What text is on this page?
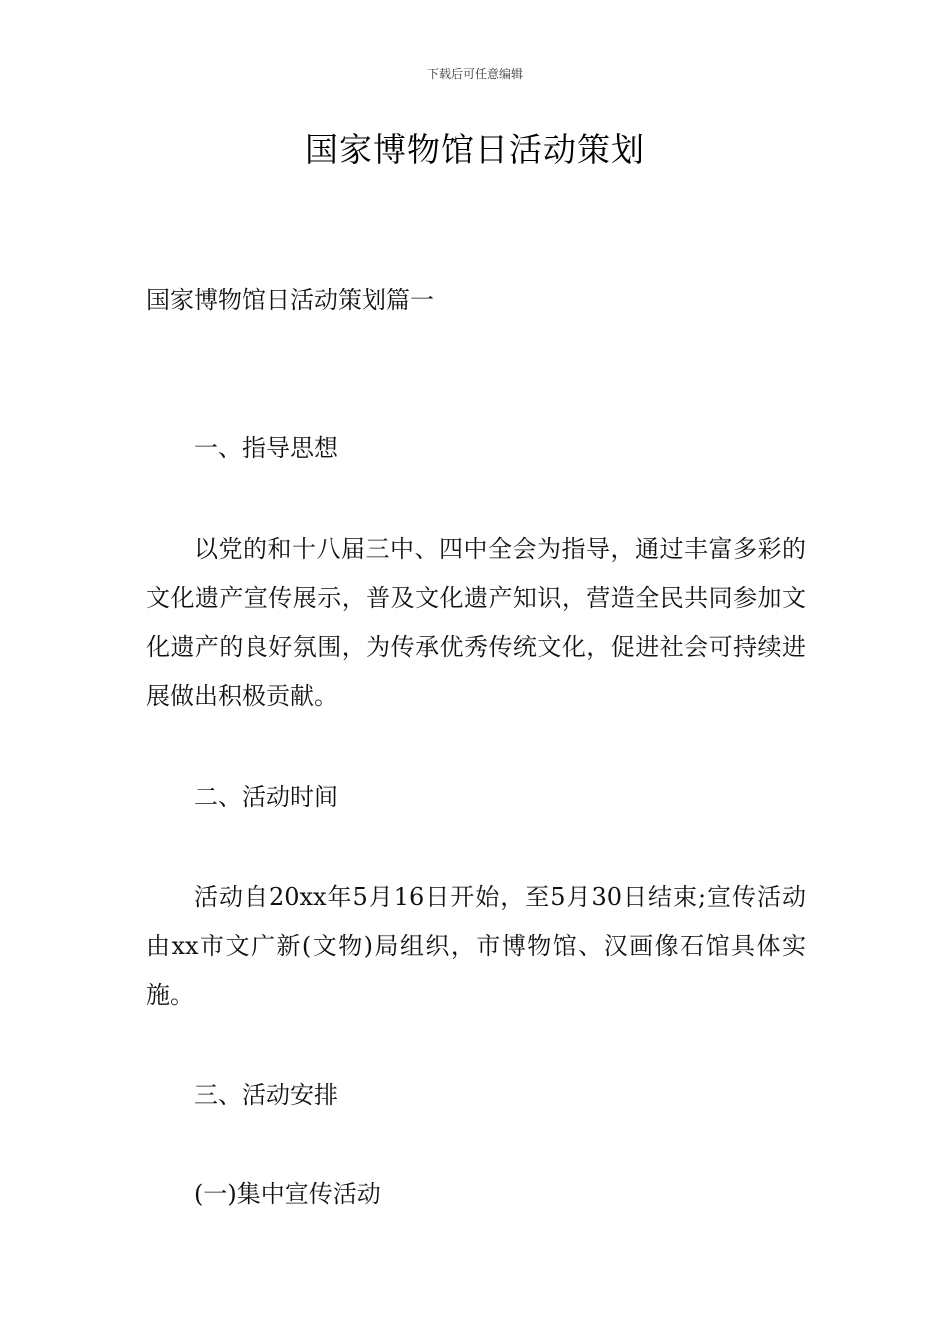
下载后可任意编辑
国家博物馆日活动策划

国家博物馆日活动策划篇一

一、指导思想

以党的和十八届三中、四中全会为指导，通过丰富多彩的文化遗产宣传展示，普及文化遗产知识，营造全民共同参加文化遗产的良好氛围，为传承优秀传统文化，促进社会可持续进展做出积极贡献。

二、活动时间

活动自20xx年5月16日开始，至5月30日结束;宣传活动由xx市文广新(文物)局组织，市博物馆、汉画像石馆具体实施。

三、活动安排

(一)集中宣传活动
